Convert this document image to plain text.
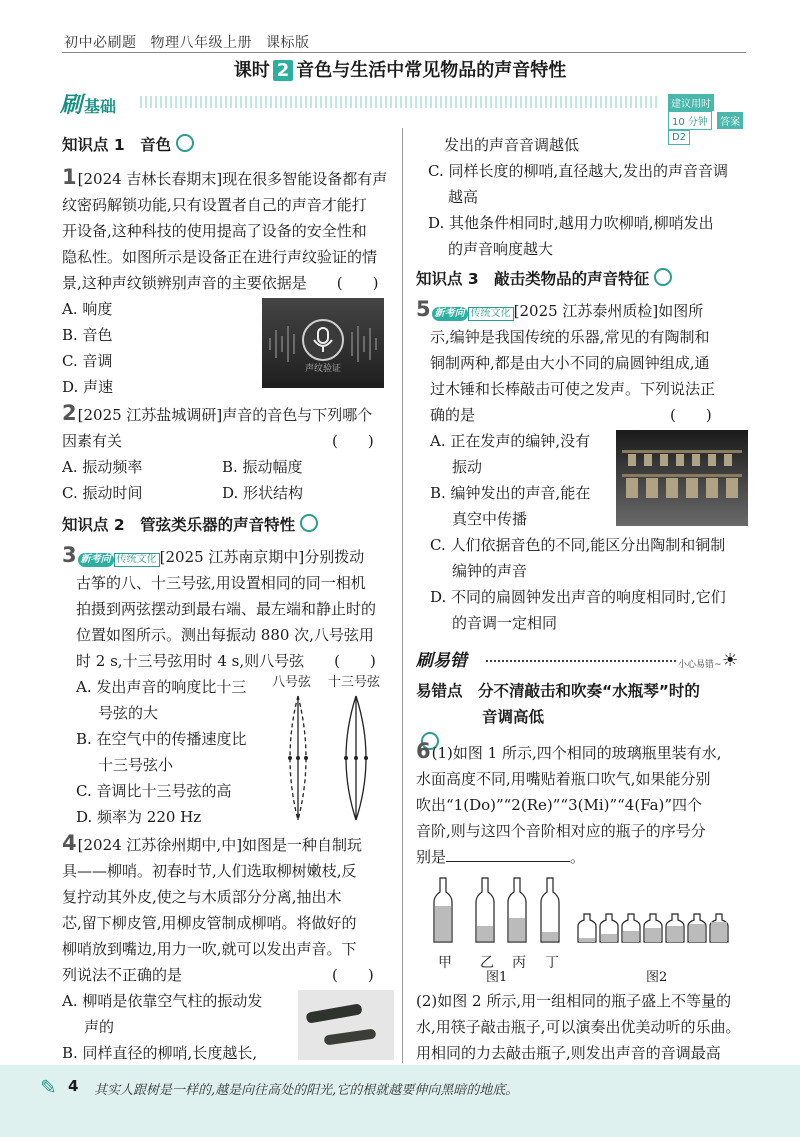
初中必刷题 物理八年级上册 课标版
课时 2 音色与生活中常见物品的声音特性
刷 基础	建议用时10 分钟 答案D2
知识点 1　音色
1[2024 吉林长春期末]现在很多智能设备都有声
纹密码解锁功能,只有设置者自己的声音才能打
开设备,这种科技的使用提高了设备的安全性和
隐私性。如图所示是设备正在进行声纹验证的情
景,这种声纹锁辨别声音的主要依据是　　(　　)
A. 响度
B. 音色
C. 音调
D. 声速
声纹验证
2[2025 江苏盐城调研]声音的音色与下列哪个
因素有关　　　　　　　　　　　　　　(　　)
A. 振动频率	B. 振动幅度
C. 振动时间	D. 形状结构
知识点 2　管弦类乐器的声音特性
3 新考向 传统文化 [2025 江苏南京期中]分别拨动
古筝的八、十三号弦,用设置相同的同一相机
拍摄到两弦摆动到最右端、最左端和静止时的
位置如图所示。测出每振动 880 次,八号弦用
时 2 s,十三号弦用时 4 s,则八号弦　　(　　)
A. 发出声音的响度比十三
号弦的大
B. 在空气中的传播速度比
十三号弦小
C. 音调比十三号弦的高
D. 频率为 220 Hz
八号弦 十三号弦
4[2024 江苏徐州期中,中]如图是一种自制玩
具——柳哨。初春时节,人们选取柳树嫩枝,反
复拧动其外皮,使之与木质部分分离,抽出木
芯,留下柳皮管,用柳皮管制成柳哨。将做好的
柳哨放到嘴边,用力一吹,就可以发出声音。下
列说法不正确的是　　　　　　　　　　(　　)
A. 柳哨是依靠空气柱的振动发
声的
B. 同样直径的柳哨,长度越长,
发出的声音音调越低
C. 同样长度的柳哨,直径越大,发出的声音音调
越高
D. 其他条件相同时,越用力吹柳哨,柳哨发出
的声音响度越大
知识点 3　敲击类物品的声音特征
5 新考向 传统文化 [2025 江苏泰州质检]如图所
示,编钟是我国传统的乐器,常见的有陶制和
铜制两种,都是由大小不同的扁圆钟组成,通
过木锤和长棒敲击可使之发声。下列说法正
确的是　　　　　　　　　　　　　(　　)
A. 正在发声的编钟,没有
振动
B. 编钟发出的声音,能在
真空中传播
C. 人们依据音色的不同,能区分出陶制和铜制
编钟的声音
D. 不同的扁圆钟发出声音的响度相同时,它们
的音调一定相同
刷易错	小心易错~ ☀
易错点　分不清敲击和吹奏“水瓶琴”时的
音调高低
6(1)如图 1 所示,四个相同的玻璃瓶里装有水,
水面高度不同,用嘴贴着瓶口吹气,如果能分别
吹出“1(Do)”“2(Re)”“3(Mi)”“4(Fa)”四个
音阶,则与这四个音阶相对应的瓶子的序号分
别是	。
甲 乙 丙 丁
图1	图2
(2)如图 2 所示,用一组相同的瓶子盛上不等量的
水,用筷子敲击瓶子,可以演奏出优美动听的乐曲。
用相同的力去敲击瓶子,则发出声音的音调最高
✎ 4 其实人跟树是一样的,越是向往高处的阳光,它的根就越要伸向黑暗的地底。
